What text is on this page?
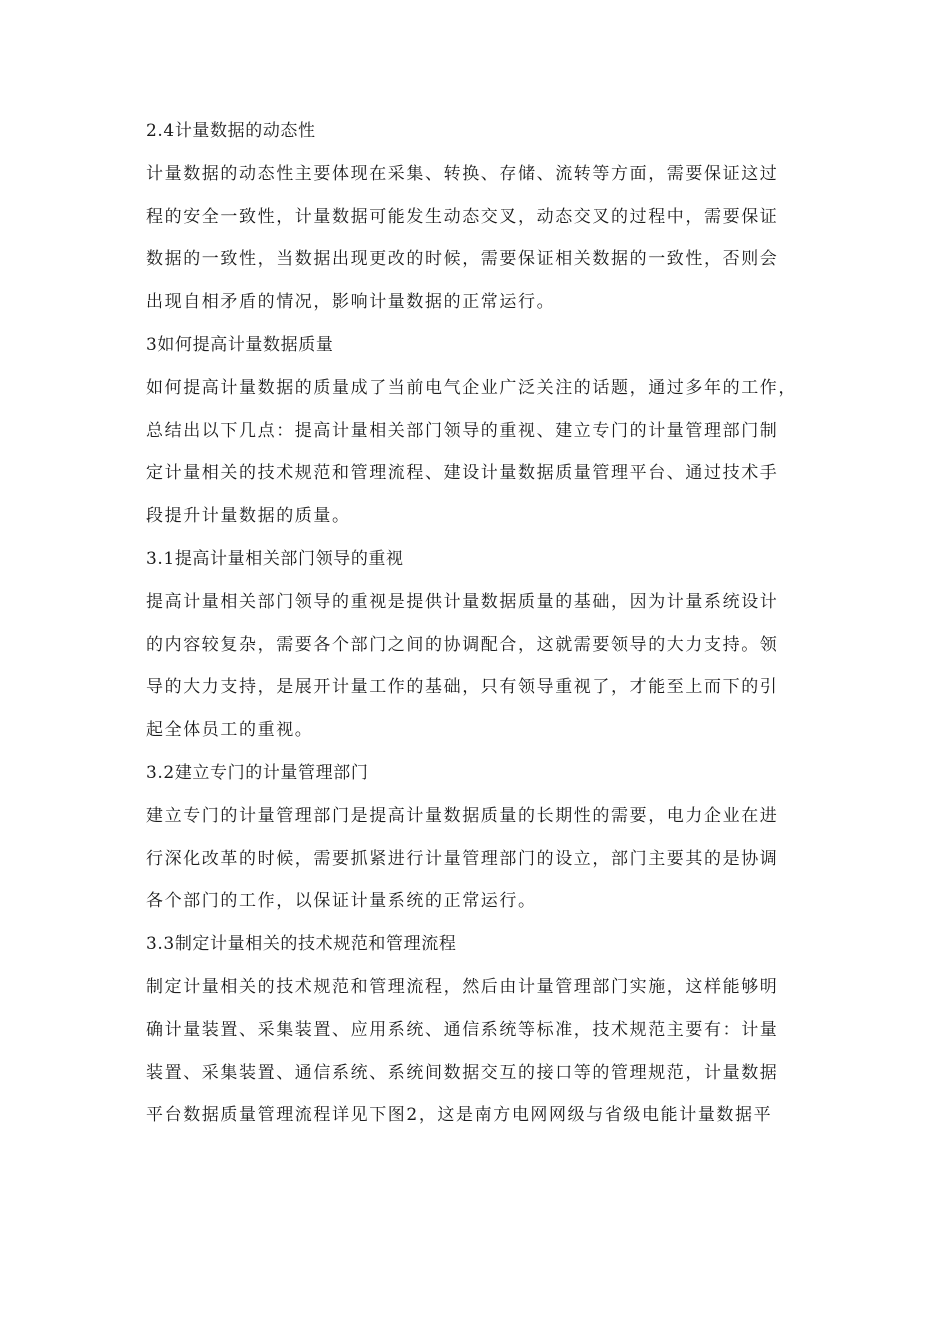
2.4计量数据的动态性
计量数据的动态性主要体现在采集、转换、存储、流转等方面，需要保证这过
程的安全一致性，计量数据可能发生动态交叉，动态交叉的过程中，需要保证
数据的一致性，当数据出现更改的时候，需要保证相关数据的一致性，否则会
出现自相矛盾的情况，影响计量数据的正常运行。
3如何提高计量数据质量
如何提高计量数据的质量成了当前电气企业广泛关注的话题，通过多年的工作，
总结出以下几点：提高计量相关部门领导的重视、建立专门的计量管理部门制
定计量相关的技术规范和管理流程、建设计量数据质量管理平台、通过技术手
段提升计量数据的质量。
3.1提高计量相关部门领导的重视
提高计量相关部门领导的重视是提供计量数据质量的基础，因为计量系统设计
的内容较复杂，需要各个部门之间的协调配合，这就需要领导的大力支持。领
导的大力支持，是展开计量工作的基础，只有领导重视了，才能至上而下的引
起全体员工的重视。
3.2建立专门的计量管理部门
建立专门的计量管理部门是提高计量数据质量的长期性的需要，电力企业在进
行深化改革的时候，需要抓紧进行计量管理部门的设立，部门主要其的是协调
各个部门的工作，以保证计量系统的正常运行。
3.3制定计量相关的技术规范和管理流程
制定计量相关的技术规范和管理流程，然后由计量管理部门实施，这样能够明
确计量装置、采集装置、应用系统、通信系统等标准，技术规范主要有：计量
装置、采集装置、通信系统、系统间数据交互的接口等的管理规范，计量数据
平台数据质量管理流程详见下图2，这是南方电网网级与省级电能计量数据平
